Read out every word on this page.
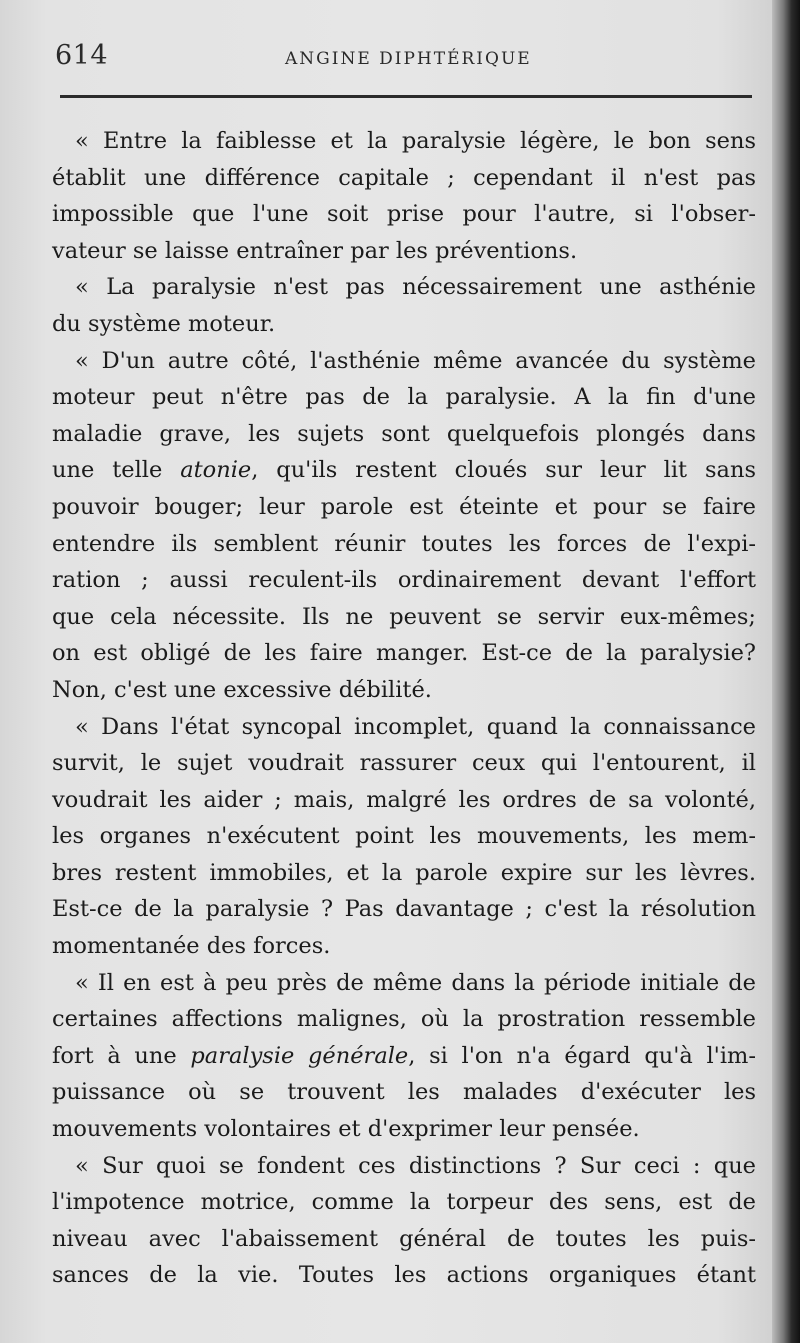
614	ANGINE DIPHTÉRIQUE
« Entre la faiblesse et la paralysie légère, le bon sens
établit une différence capitale ; cependant il n'est pas
impossible que l'une soit prise pour l'autre, si l'obser-
vateur se laisse entraîner par les préventions.
« La paralysie n'est pas nécessairement une asthénie
du système moteur.
« D'un autre côté, l'asthénie même avancée du système
moteur peut n'être pas de la paralysie. A la fin d'une
maladie grave, les sujets sont quelquefois plongés dans
une telle atonie, qu'ils restent cloués sur leur lit sans
pouvoir bouger; leur parole est éteinte et pour se faire
entendre ils semblent réunir toutes les forces de l'expi-
ration ; aussi reculent-ils ordinairement devant l'effort
que cela nécessite. Ils ne peuvent se servir eux-mêmes;
on est obligé de les faire manger. Est-ce de la paralysie?
Non, c'est une excessive débilité.
« Dans l'état syncopal incomplet, quand la connaissance
survit, le sujet voudrait rassurer ceux qui l'entourent, il
voudrait les aider ; mais, malgré les ordres de sa volonté,
les organes n'exécutent point les mouvements, les mem-
bres restent immobiles, et la parole expire sur les lèvres.
Est-ce de la paralysie ? Pas davantage ; c'est la résolution
momentanée des forces.
« Il en est à peu près de même dans la période initiale de
certaines affections malignes, où la prostration ressemble
fort à une paralysie générale, si l'on n'a égard qu'à l'im-
puissance où se trouvent les malades d'exécuter les
mouvements volontaires et d'exprimer leur pensée.
« Sur quoi se fondent ces distinctions ? Sur ceci : que
l'impotence motrice, comme la torpeur des sens, est de
niveau avec l'abaissement général de toutes les puis-
sances de la vie. Toutes les actions organiques étant
